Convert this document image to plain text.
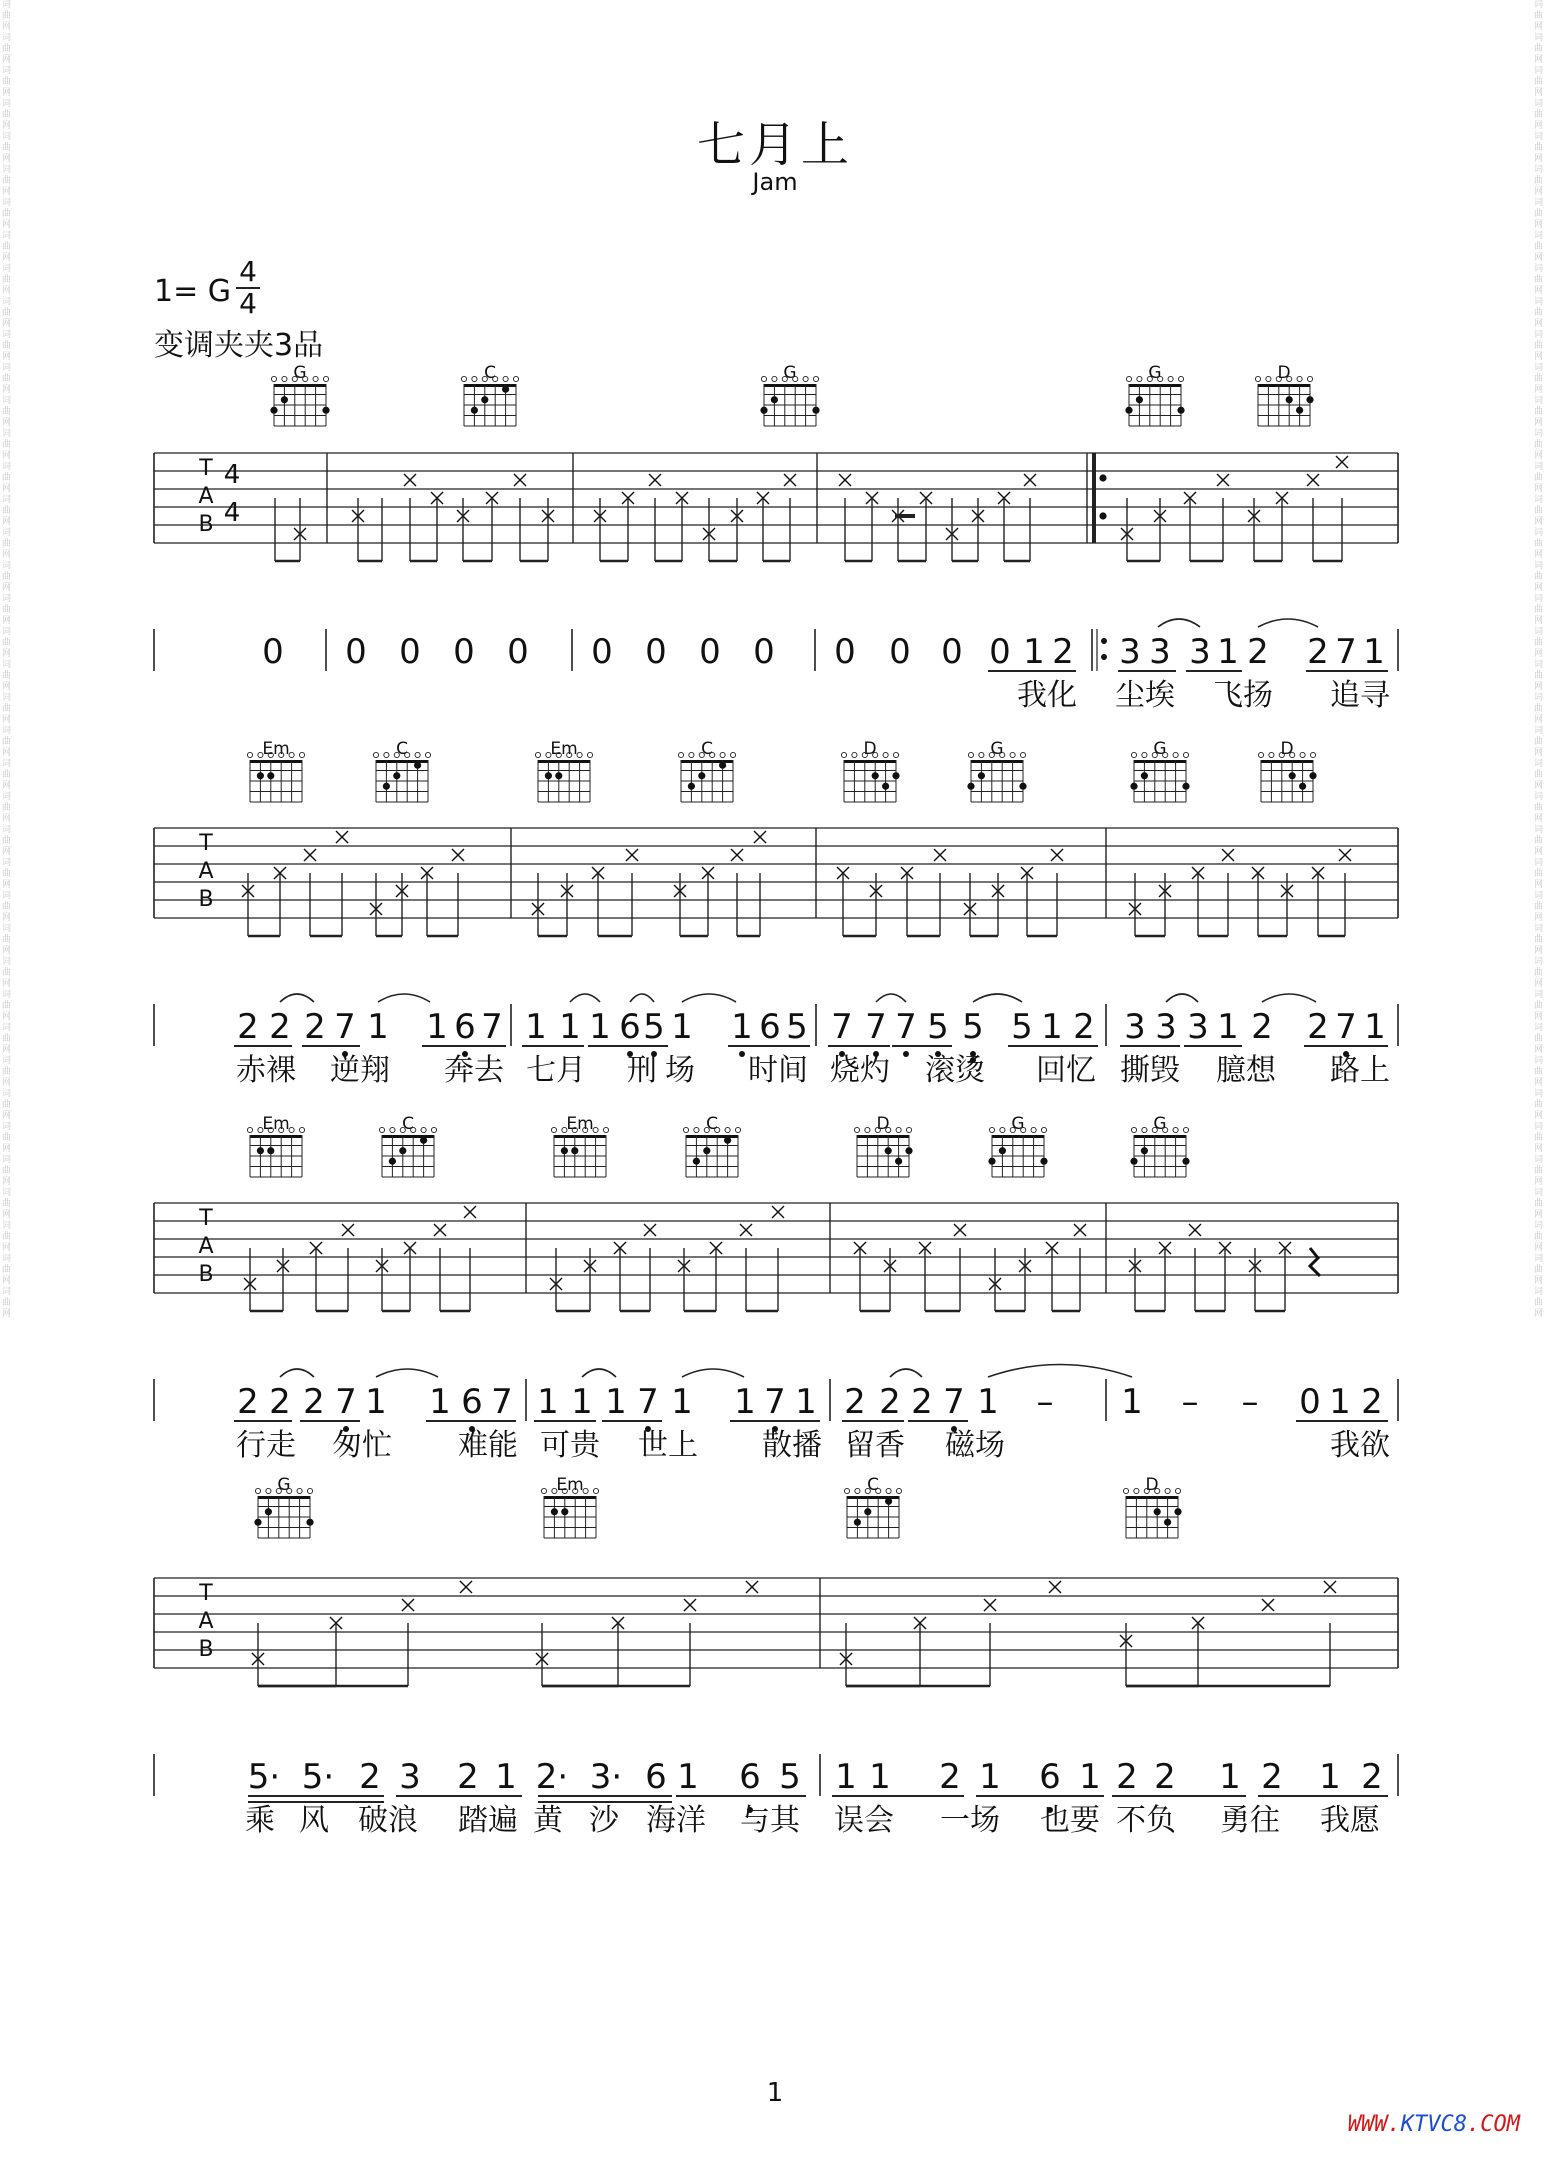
词曲网词曲网词曲网词曲网词曲网词曲网词曲网词曲网词曲网词曲网词曲网词曲网词曲网词曲网词曲网词曲网词曲网词曲网词曲网词曲网词曲网词曲网词曲网词曲网词曲网词曲网词曲网词曲网词曲网词曲网词曲网词曲网词曲网词曲网词曲网词曲网词曲网词曲网词曲网词曲网
词曲网词曲网词曲网词曲网词曲网词曲网词曲网词曲网词曲网词曲网词曲网词曲网词曲网词曲网词曲网词曲网词曲网词曲网词曲网词曲网词曲网词曲网词曲网词曲网词曲网词曲网词曲网词曲网词曲网词曲网词曲网词曲网词曲网词曲网词曲网词曲网词曲网词曲网词曲网词曲网
七月上
Jam
1= G
变调夹夹3品
4
4
G	C	G	G	D
T
A
B
4
4
0 0 0 0 0 0 0 0 0 0 0 0 0 1 2 3 3 3 1 2 2 7 1
我化 尘埃 飞扬 追寻
Em	C	Em	C	D	G	G	D
T
A
B
2 2 2 7 1 1 6 7 1 1 1 6 5 1 1 6 5 7 7 7 5 5 5 1 2 3 3 3 1 2 2 7 1
赤裸 逆翔 奔去 七月 刑 场 时间 烧灼 滚烫 回忆 撕毁 臆想 路上
Em	C	Em	C	D	G	G
T
A
B
2 2 2 7 1 1 6 7 1 1 1 7 1 1 7 1 2 2 2 7 1 – 1 – – 0 1 2
行走 匆忙 难能 可贵 世上 散播 留香 磁场	我欲
G	Em	C	D
T
A
B
5· 5· 2 3 2 1 2· 3· 6 1 6 5 1 1 2 1 6 1 2 2 1 2 1 2
乘 风 破浪 踏遍 黄 沙 海洋 与其 误会 一场 也要 不负 勇往 我愿
1
WWW.KTVC8.COM
